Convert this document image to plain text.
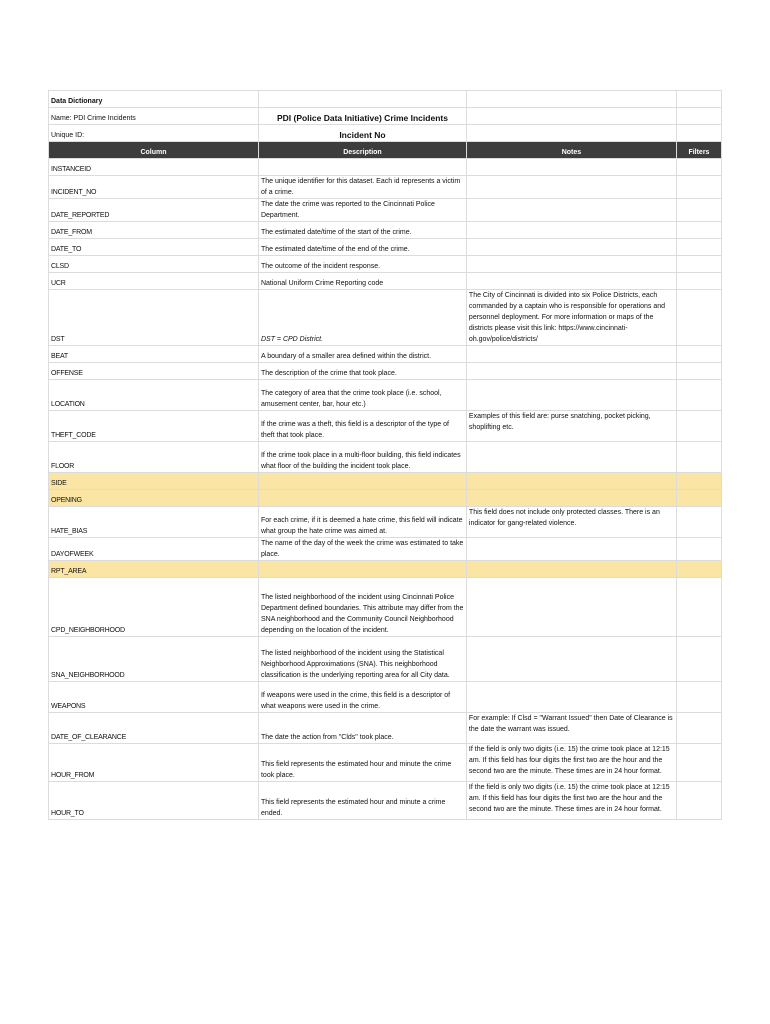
Data Dictionary			
Name: PDI Crime Incidents	PDI (Police Data Initiative) Crime Incidents		
Unique ID:	Incident No		
Column	Description	Notes	Filters
INSTANCEID			
INCIDENT_NO	The unique identifier for this dataset. Each id represents a victim of a crime.		
DATE_REPORTED	The date the crime was reported to the Cincinnati Police Department.		
DATE_FROM	The estimated date/time of the start of the crime.		
DATE_TO	The estimated date/time of the end of the crime.		
CLSD	The outcome of the incident response.		
UCR	National Uniform Crime Reporting code		
DST	DST = CPD District.	The City of Cincinnati is divided into six Police Districts, each commanded by a captain who is responsible for operations and personnel deployment. For more information or maps of the districts please visit this link: https://www.cincinnati-oh.gov/police/districts/	
BEAT	A boundary of a smaller area defined within the district.		
OFFENSE	The description of the crime that took place.		
LOCATION	The category of area that the crime took place (i.e. school, amusement center, bar, hour etc.)		
THEFT_CODE	If the crime was a theft, this field is a descriptor of the type of theft that took place.	Examples of this field are: purse snatching, pocket picking, shoplifting etc.	
FLOOR	If the crime took place in a multi-floor building, this field indicates what floor of the building the incident took place.		
SIDE			
OPENING			
HATE_BIAS	For each crime, if it is deemed a hate crime, this field will indicate what group the hate crime was aimed at.	This field does not include only protected classes. There is an indicator for gang-related violence.	
DAYOFWEEK	The name of the day of the week the crime was estimated to take place.		
RPT_AREA			
CPD_NEIGHBORHOOD	The listed neighborhood of the incident using Cincinnati Police Department defined boundaries. This attribute may differ from the SNA neighborhood and the Community Council Neighborhood depending on the location of the incident.		
SNA_NEIGHBORHOOD	The listed neighborhood of the incident using the Statistical Neighborhood Approximations (SNA). This neighborhood classification is the underlying reporting area for all City data.		
WEAPONS	If weapons were used in the crime, this field is a descriptor of what weapons were used in the crime.		
DATE_OF_CLEARANCE	The date the action from "Clds" took place.	For example: If Clsd = "Warrant Issued" then Date of Clearance is the date the warrant was issued.	
HOUR_FROM	This field represents the estimated hour and minute the crime took place.	If the field is only two digits (i.e. 15) the crime took place at 12:15 am. If this field has four digits the first two are the hour and the second two are the minute. These times are in 24 hour format.	
HOUR_TO	This field represents the estimated hour and minute a crime ended.	If the field is only two digits (i.e. 15) the crime took place at 12:15 am. If this field has four digits the first two are the hour and the second two are the minute. These times are in 24 hour format.	
